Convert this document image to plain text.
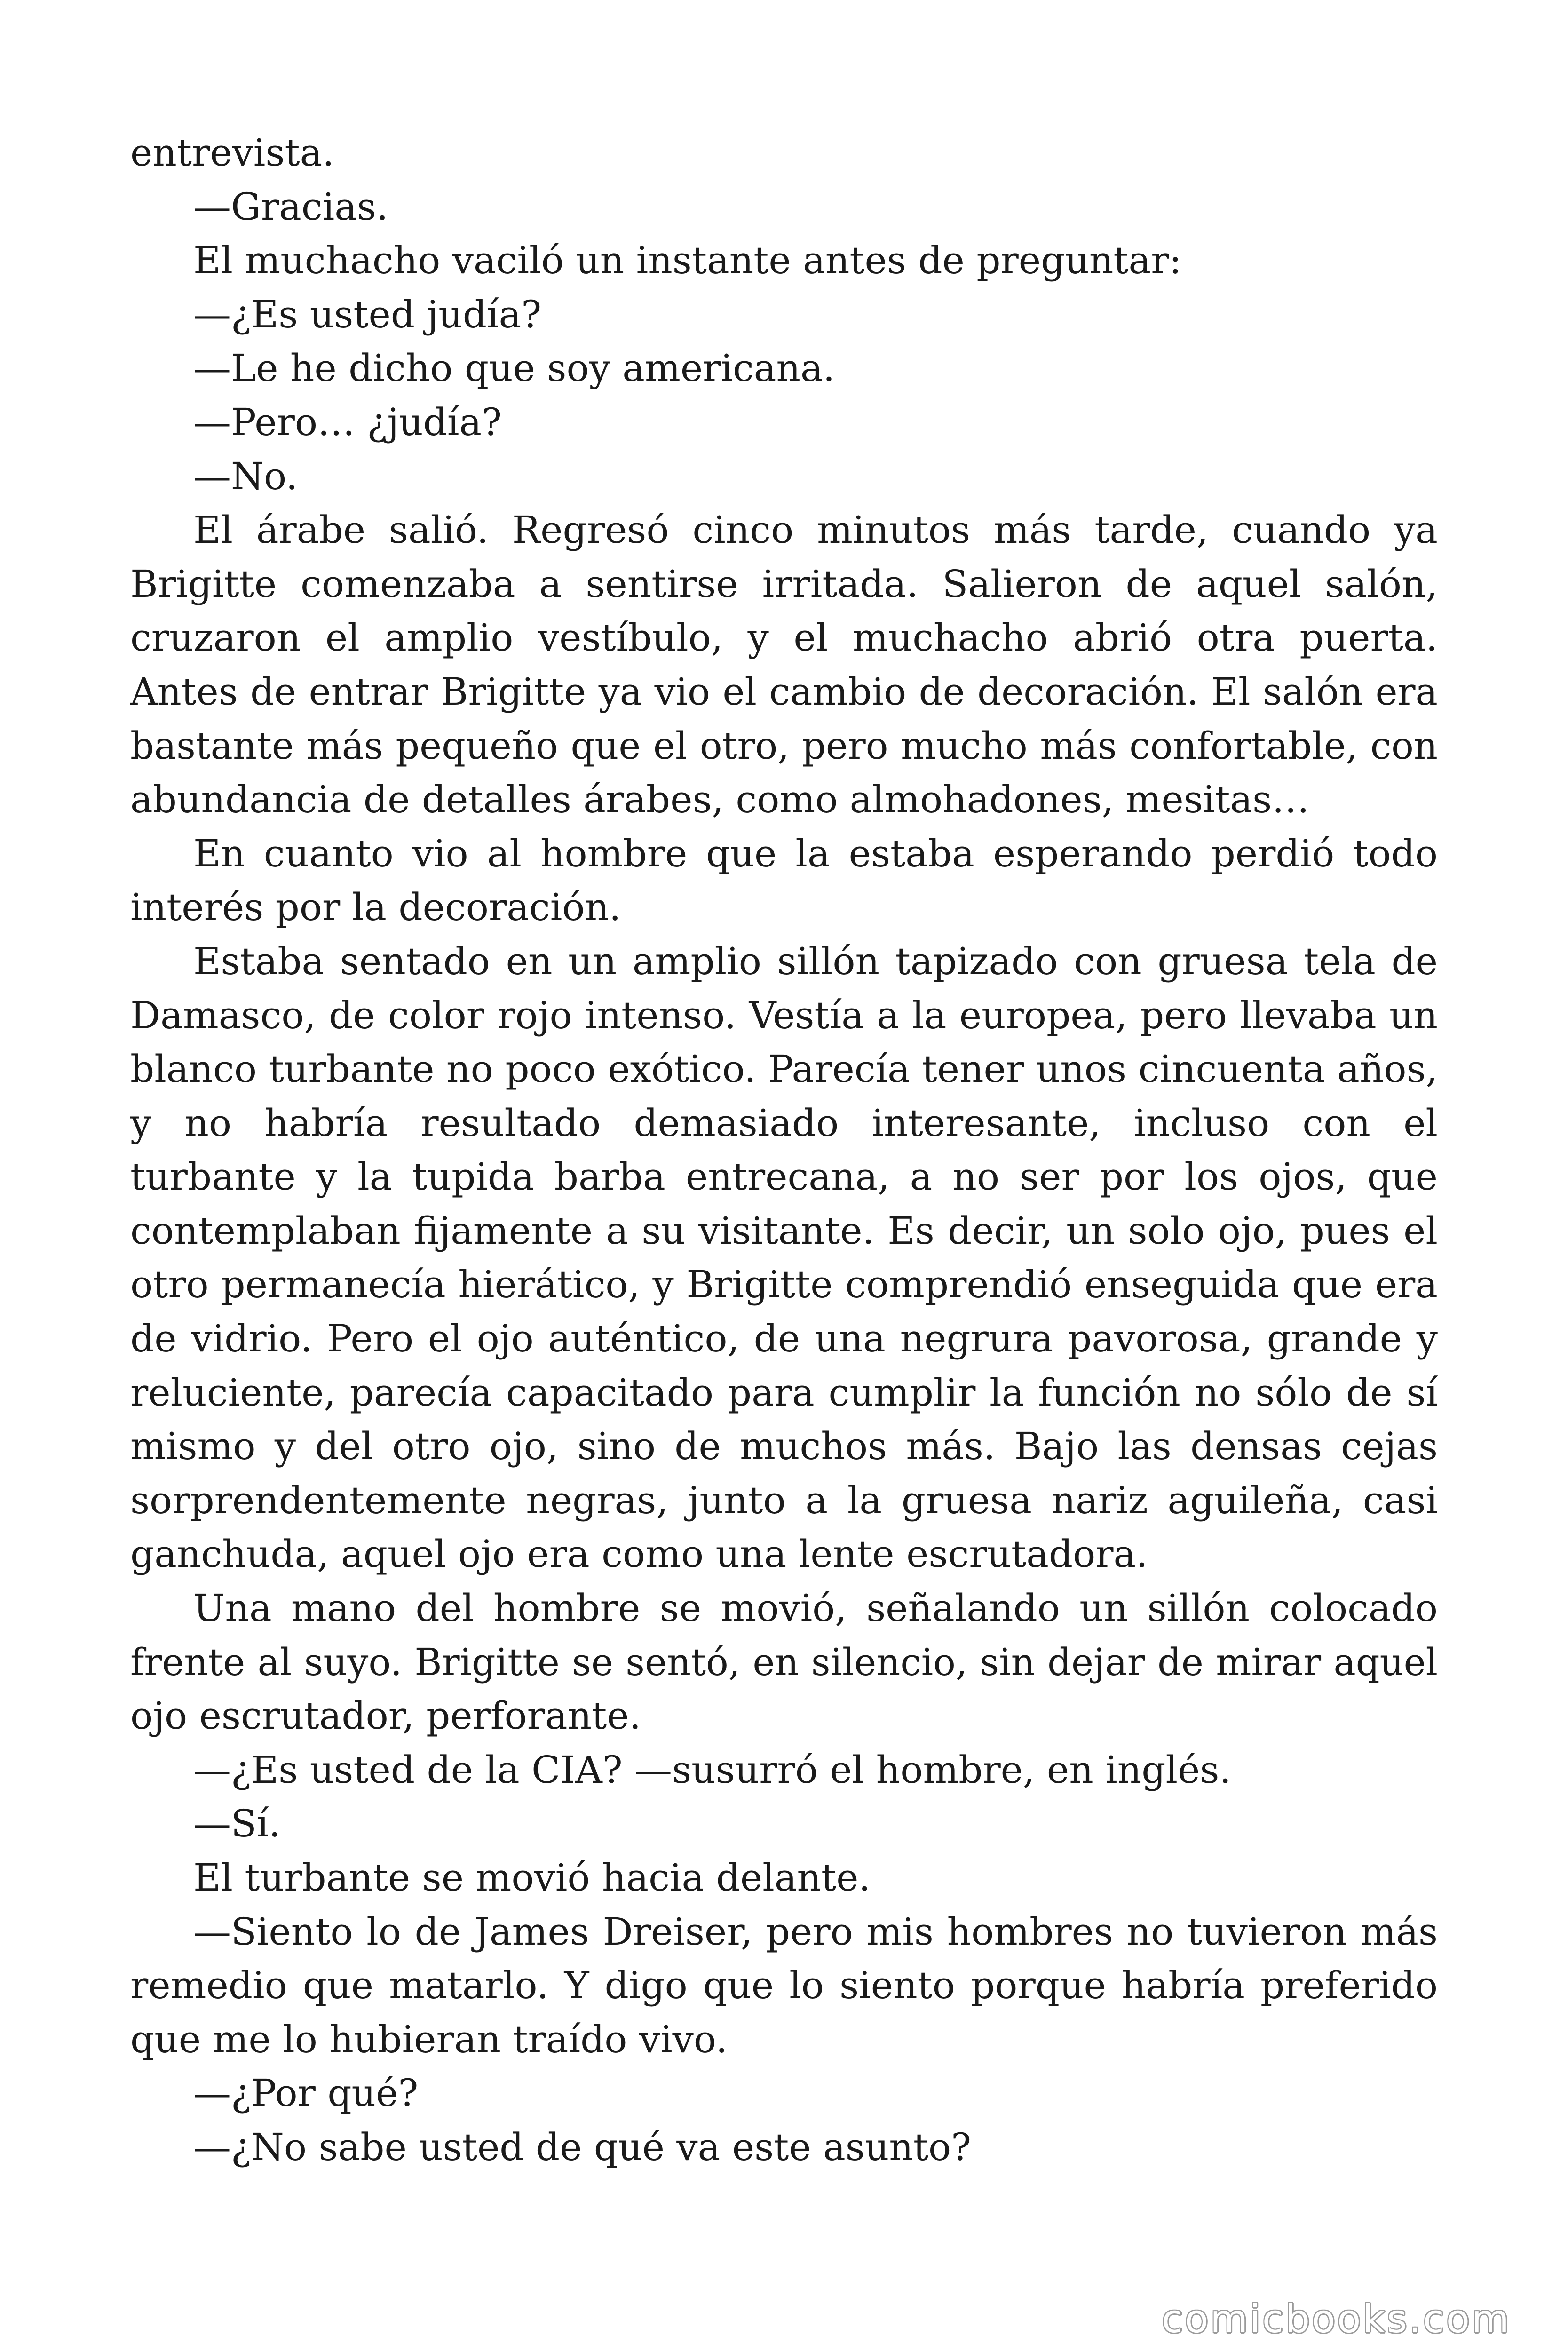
entrevista.
—Gracias.
El muchacho vaciló un instante antes de preguntar:
—¿Es usted judía?
—Le he dicho que soy americana.
—Pero… ¿judía?
—No.
El árabe salió. Regresó cinco minutos más tarde, cuando ya
Brigitte comenzaba a sentirse irritada. Salieron de aquel salón,
cruzaron el amplio vestíbulo, y el muchacho abrió otra puerta.
Antes de entrar Brigitte ya vio el cambio de decoración. El salón era
bastante más pequeño que el otro, pero mucho más confortable, con
abundancia de detalles árabes, como almohadones, mesitas…
En cuanto vio al hombre que la estaba esperando perdió todo
interés por la decoración.
Estaba sentado en un amplio sillón tapizado con gruesa tela de
Damasco, de color rojo intenso. Vestía a la europea, pero llevaba un
blanco turbante no poco exótico. Parecía tener unos cincuenta años,
y no habría resultado demasiado interesante, incluso con el
turbante y la tupida barba entrecana, a no ser por los ojos, que
contemplaban fijamente a su visitante. Es decir, un solo ojo, pues el
otro permanecía hierático, y Brigitte comprendió enseguida que era
de vidrio. Pero el ojo auténtico, de una negrura pavorosa, grande y
reluciente, parecía capacitado para cumplir la función no sólo de sí
mismo y del otro ojo, sino de muchos más. Bajo las densas cejas
sorprendentemente negras, junto a la gruesa nariz aguileña, casi
ganchuda, aquel ojo era como una lente escrutadora.
Una mano del hombre se movió, señalando un sillón colocado
frente al suyo. Brigitte se sentó, en silencio, sin dejar de mirar aquel
ojo escrutador, perforante.
—¿Es usted de la CIA? —susurró el hombre, en inglés.
—Sí.
El turbante se movió hacia delante.
—Siento lo de James Dreiser, pero mis hombres no tuvieron más
remedio que matarlo. Y digo que lo siento porque habría preferido
que me lo hubieran traído vivo.
—¿Por qué?
—¿No sabe usted de qué va este asunto?
comicbooks.com
